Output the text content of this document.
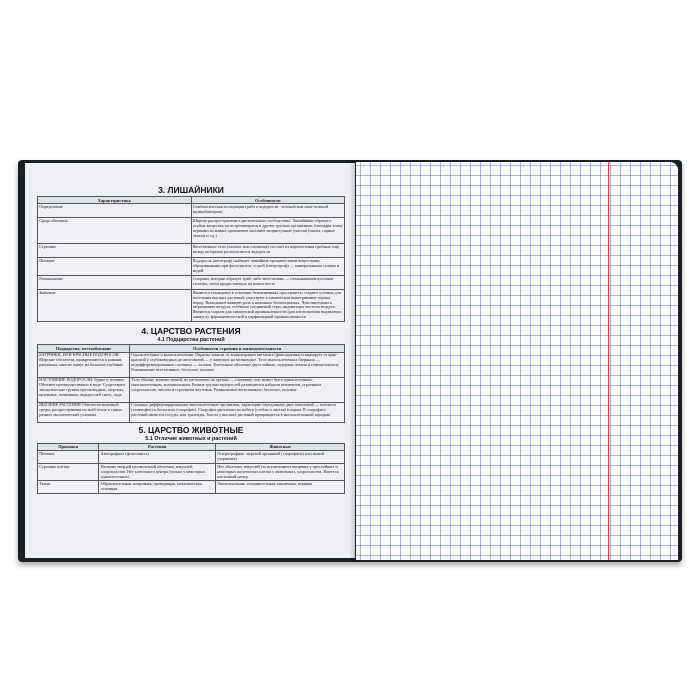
3. ЛИШАЙНИКИ
Характеристика	Особенности
Определение	Симбиотическая ассоциация гриба и водоросли - зеленой или сине-зеленой (цианобактерии)
Среда обитания	Широко распространены в растительных сообществах. Лишайники образуют особые вещества, не встречающиеся в других группах организмов, благодаря этому первыми из живых организмов заселяют неприступные участки (скалы, горные отвалы и т.д.)
Строение	Вегетативное тело (таллом, или слоевище) состоит из переплетения грибных гиф, между которыми располагаются водоросли
Питание	Водоросль (автотроф) снабжает лишайник органическими веществами, образованными при фотосинтезе, а гриб (гетеротроф) — минеральными солями и водой
Размножение	Спорами, которые образует гриб, либо вегетативно — отламыванием кусочков таллома, затем прорастающих на новом месте
Значение	Являются пионерами в освоении безжизненных пространств, создают условия для поселения высших растений; участвуют в химическом выветривании горных пород. Выполняют важную роль в наземных биогеоценозах. Чувствительны к загрязнению воздуха, особенно соединений серы, индикаторы чистоты воздуха. Являются сырьем для химической промышленности (для изготовления индикатора лакмуса), фармацевтической и парфюмерной промышленности
4. ЦАРСТВО РАСТЕНИЯ
4.1 Подцарства растений
Подцарства, местообитание	Особенности строения и жизнедеятельности
БАГРЯНКИ, ИЛИ КРАСНЫЕ ВОДОРОСЛИ Морские обитатели, прикрепляются к камням, ракушкам; многие живут на больших глубинах	Одноклеточные и многоклеточные. Окраска зависит от концентрации пигмента (фикоэдитина) и варьирует от ярко-красной у глубоководных до желтоватой — у живущих на мелководье. Тело многоклеточных багрянок — недифференцированное слоевище — таллом. Клеточные оболочки двухслойные, содержат пектин и гемицеллюлозу. Размножение вегетативное, бесполое, половое
НАСТОЯЩИЕ ВОДОРОСЛИ: бурые и зеленые. Обитают преимущественно в воде. Существуют экологические группы пресноводных, морских, наземных, почвенных, водорослей снега, льда	Тело обычно лишено тканей, не расчленено на органы — слоевище; оно может быть одноклеточным, многоклеточным, колониальным. Разные группы водорослей различаются набором пигментов, строением хлоропластов, числом и строением жгутиков. Размножение вегетативное, бесполое, половое
ВЫСШИЕ РАСТЕНИЯ Обитатели наземной среды, распространены по всей земле в самых разных экологических условиях	Сложные дифференцированные многоклеточные организмы, характерно чередование двух поколений — полового (гаметофит) и бесполого (спорофит). Спорофит расчленен на побеги (стебли и листья) и корни. В спорофите растений имеются сосуды, или трахеиды. Зигота у высших растений превращается в многоклеточный зародыш
5. ЦАРСТВО ЖИВОТНЫЕ
5.1 Отличие животных и растений
Признаки	Растения	Животные
Питание	Автотрофное (фотосинтез)	Гетеротрофное: мертвой органикой (сапрофиты) или живой (паразиты)
Строение клетки	Наличие твердой целлюлозной оболочки, вакуолей, хлоропластов. Нет клеточного центра (только у некоторых одноклеточных)	Нет оболочки, вакуолей (за исключением пищевых у простейших и некоторых железистых клеток у животных), хлоропластов. Имеется клеточный центр
Ткани	Образовательная, покровная, проводящая, механическая, основная	Эпителиальная, соединительная, мышечная, нервная
